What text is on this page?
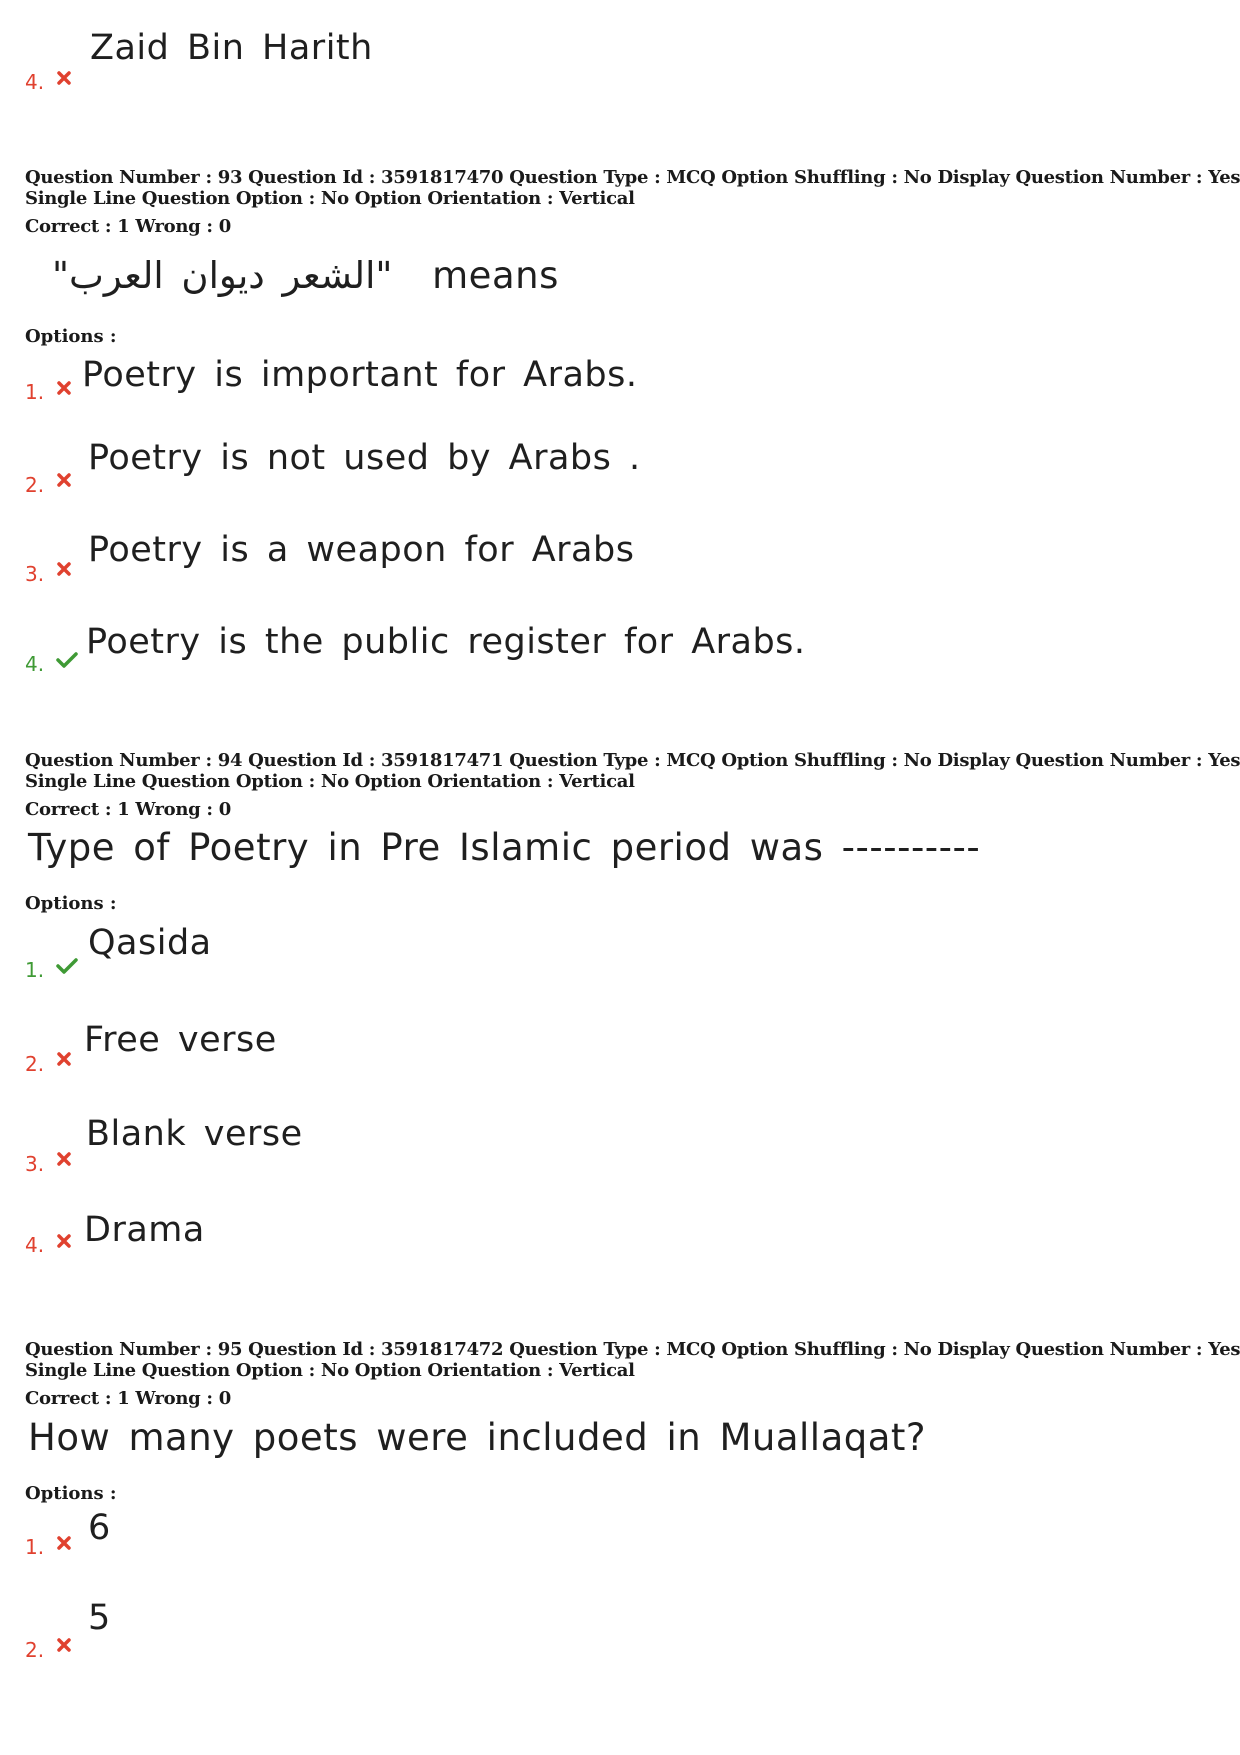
Zaid Bin Harith
4.
Question Number : 93 Question Id : 3591817470 Question Type : MCQ Option Shuffling : No Display Question Number : Yes
Single Line Question Option : No Option Orientation : Vertical
Correct : 1 Wrong : 0
"الشعر ديوان العرب" means
Options :
Poetry is important for Arabs.
1.
Poetry is not used by Arabs .
2.
Poetry is a weapon for Arabs
3.
Poetry is the public register for Arabs.
4.
Question Number : 94 Question Id : 3591817471 Question Type : MCQ Option Shuffling : No Display Question Number : Yes
Single Line Question Option : No Option Orientation : Vertical
Correct : 1 Wrong : 0
Type of Poetry in Pre Islamic period was ----------
Options :
Qasida
1.
Free verse
2.
Blank verse
3.
Drama
4.
Question Number : 95 Question Id : 3591817472 Question Type : MCQ Option Shuffling : No Display Question Number : Yes
Single Line Question Option : No Option Orientation : Vertical
Correct : 1 Wrong : 0
How many poets were included in Muallaqat?
Options :
6
1.
5
2.
